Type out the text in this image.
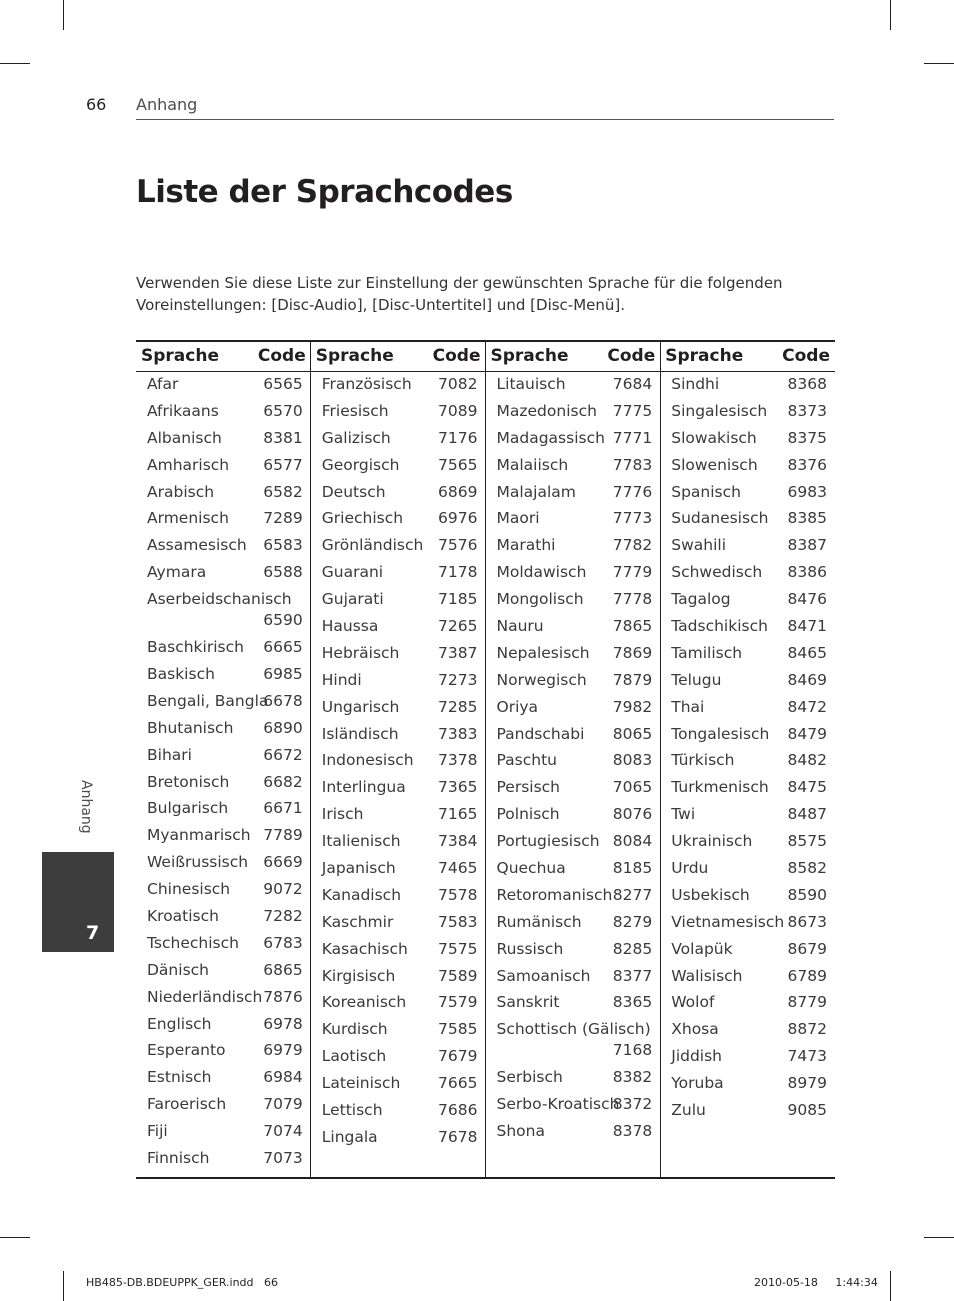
66 Anhang
Liste der Sprachcodes

Verwenden Sie diese Liste zur Einstellung der gewünschten Sprache für die folgenden Voreinstellungen: [Disc-Audio], [Disc-Untertitel] und [Disc-Menü].

Sprache Code
Afar	6565
Afrikaans	6570
Albanisch	8381
Amharisch 6577
Arabisch	6582
Armenisch 7289
Assamesisch 6583
Aymara	6588
Aserbeidschanisch
6590
Baschkirisch 6665
Baskisch	6985
Bengali, Bangla
6678
Bhutanisch 6890
Bihari	6672
Bretonisch 6682
Bulgarisch 6671
Myanmarisch 7789
Weißrussisch 6669
Chinesisch 9072
Kroatisch	7282
Tschechisch 6783
Dänisch	6865
Niederländisch 7876
Englisch	6978
Esperanto 6979
Estnisch	6984
Faroerisch 7079
Fiji	7074
Finnisch	7073
Sprache Code
Französisch 7082
Friesisch	7089
Galizisch	7176
Georgisch 7565
Deutsch	6869
Griechisch 6976
Grönländisch 7576
Guarani	7178
Gujarati	7185
Haussa	7265
Hebräisch 7387
Hindi	7273
Ungarisch 7285
Isländisch	7383
Indonesisch 7378
Interlingua 7365
Irisch	7165
Italienisch 7384
Japanisch	7465
Kanadisch 7578
Kaschmir	7583
Kasachisch 7575
Kirgisisch	7589
Koreanisch 7579
Kurdisch	7585
Laotisch	7679
Lateinisch 7665
Lettisch	7686
Lingala	7678
Sprache Code
Litauisch	7684
Mazedonisch 7775
Madagassisch 7771
Malaiisch	7783
Malajalam 7776
Maori	7773
Marathi	7782
Moldawisch 7779
Mongolisch 7778
Nauru	7865
Nepalesisch 7869
Norwegisch 7879
Oriya	7982
Pandschabi 8065
Paschtu	8083
Persisch	7065
Polnisch	8076
Portugiesisch 8084
Quechua	8185
Retoromanisch 8277
Rumänisch 8279
Russisch	8285
Samoanisch 8377
Sanskrit	8365
Schottisch (Gälisch)
7168
Serbisch	8382
Serbo-Kroatisch
8372
Shona	8378
Sprache Code
Sindhi	8368
Singalesisch 8373
Slowakisch 8375
Slowenisch 8376
Spanisch	6983
Sudanesisch 8385
Swahili	8387
Schwedisch 8386
Tagalog	8476
Tadschikisch 8471
Tamilisch	8465
Telugu	8469
Thai	8472
Tongalesisch 8479
Türkisch	8482
Turkmenisch 8475
Twi	8487
Ukrainisch 8575
Urdu	8582
Usbekisch 8590
Vietnamesisch 8673
Volapük	8679
Walisisch	6789
Wolof	8779
Xhosa	8872
Jiddish	7473
Yoruba	8979
Zulu	9085
Anhang
7
HB485-DB.BDEUPPK_GER.indd   66	2010-05-18     1:44:34
